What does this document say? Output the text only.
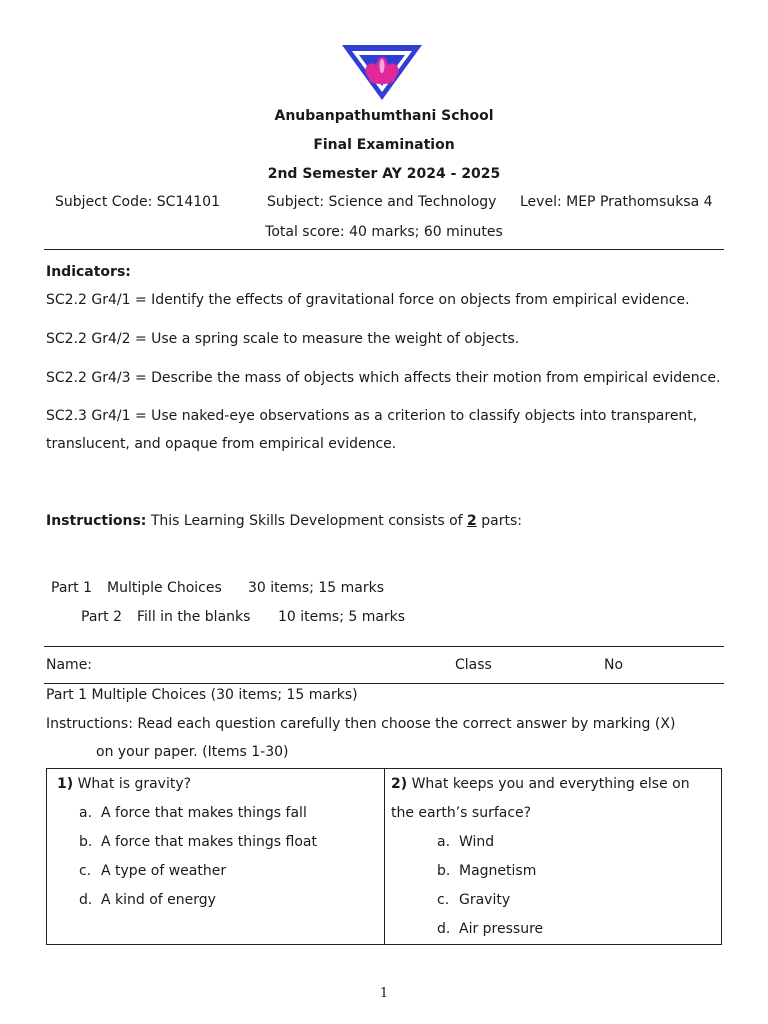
Anubanpathumthani School
Final Examination
2nd Semester AY 2024 - 2025
Subject Code: SC14101	Subject: Science and Technology Level: MEP Prathomsuksa 4
Total score: 40 marks; 60 minutes
Indicators:
SC2.2 Gr4/1 = Identify the effects of gravitational force on objects from empirical evidence.
SC2.2 Gr4/2 = Use a spring scale to measure the weight of objects.
SC2.2 Gr4/3 = Describe the mass of objects which affects their motion from empirical evidence.
SC2.3 Gr4/1 = Use naked-eye observations as a criterion to classify objects into transparent,
translucent, and opaque from empirical evidence.
Instructions: This Learning Skills Development consists of 2 parts:
Part 1 Multiple Choices 30 items; 15 marks
Part 2 Fill in the blanks 10 items; 5 marks
Name:	Class	No
Part 1 Multiple Choices (30 items; 15 marks)
Instructions: Read each question carefully then choose the correct answer by marking (X)
on your paper. (Items 1-30)
1) What is gravity?
a. A force that makes things fall
b. A force that makes things float
c. A type of weather
d. A kind of energy

2) What keeps you and everything else on
the earth’s surface?
a. Wind
b. Magnetism
c. Gravity
d. Air pressure
1
